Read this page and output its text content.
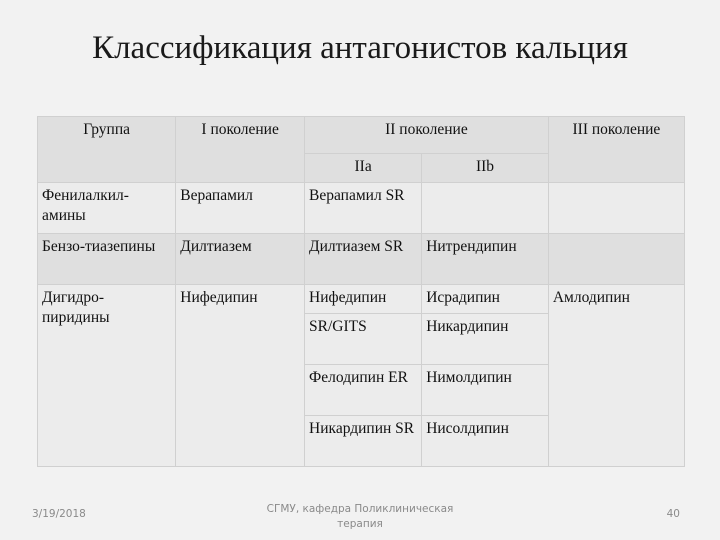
Классификация антагонистов кальция
Группа	I поколение	II поколение		III поколение
		IIa	IIb	
Фенилалкил-амины	Верапамил	Верапамил SR		
Бензо-тиазепины	Дилтиазем	Дилтиазем SR	Нитрендипин	
Дигидро-пиридины	Нифедипин	Нифедипин	Исрадипин	Амлодипин
		SR/GITS	Никардипин	
		Фелодипин ER	Нимолдипин	
		Никардипин SR	Нисолдипин	
3/19/2018	СГМУ, кафедра Поликлиническая терапия
40
